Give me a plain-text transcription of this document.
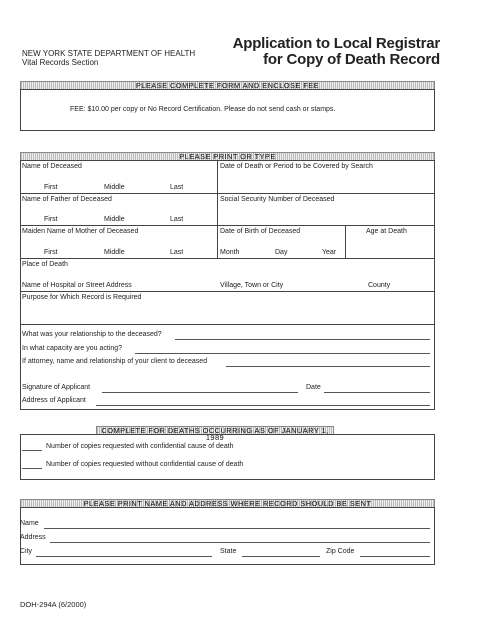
NEW YORK STATE DEPARTMENT OF HEALTH
Vital Records Section
Application to Local Registrar
for Copy of Death Record
PLEASE COMPLETE FORM AND ENCLOSE FEE
FEE: $10.00 per copy or No Record Certification. Please do not send cash or stamps.
PLEASE PRINT OR TYPE
Name of Deceased	Date of Death or Period to be Covered by Search
First	Middle	Last
Name of Father of Deceased	Social Security Number of Deceased
First	Middle	Last
Maiden Name of Mother of Deceased	Date of Birth of Deceased	Age at Death
First	Middle	Last	Month	Day	Year
Place of Death
Name of Hospital or Street Address	Village, Town or City	County
Purpose for Which Record is Required
What was your relationship to the deceased?
In what capacity are you acting?
If attorney, name and relationship of your client to deceased
Signature of Applicant	Date
Address of Applicant
COMPLETE FOR DEATHS OCCURRING AS OF JANUARY 1, 1989
Number of copies requested with confidential cause of death
Number of copies requested without confidential cause of death
PLEASE PRINT NAME AND ADDRESS WHERE RECORD SHOULD BE SENT
Name
Address
City	State	Zip Code
DOH-294A (6/2000)
